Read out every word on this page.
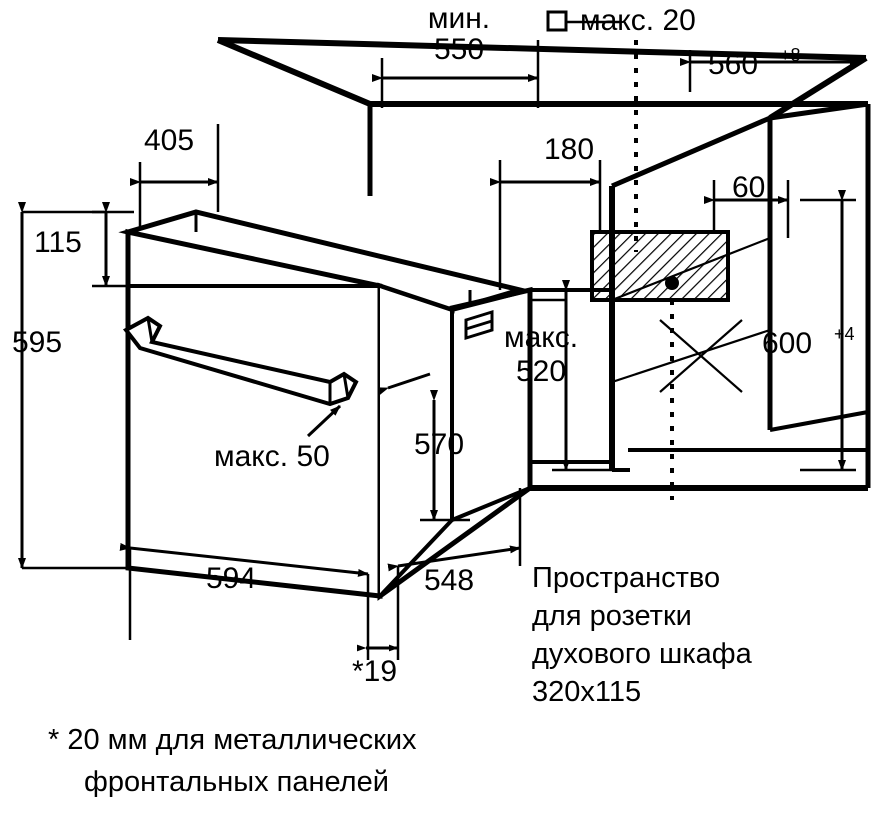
мин.
550
макс. 20
560 +8
405	180
60
115
595	600 +4
макс.
520
570
макс. 50
594	548
*19
Пространство
для розетки
духового шкафа
320х115
* 20 мм для металлических
фронтальных панелей
